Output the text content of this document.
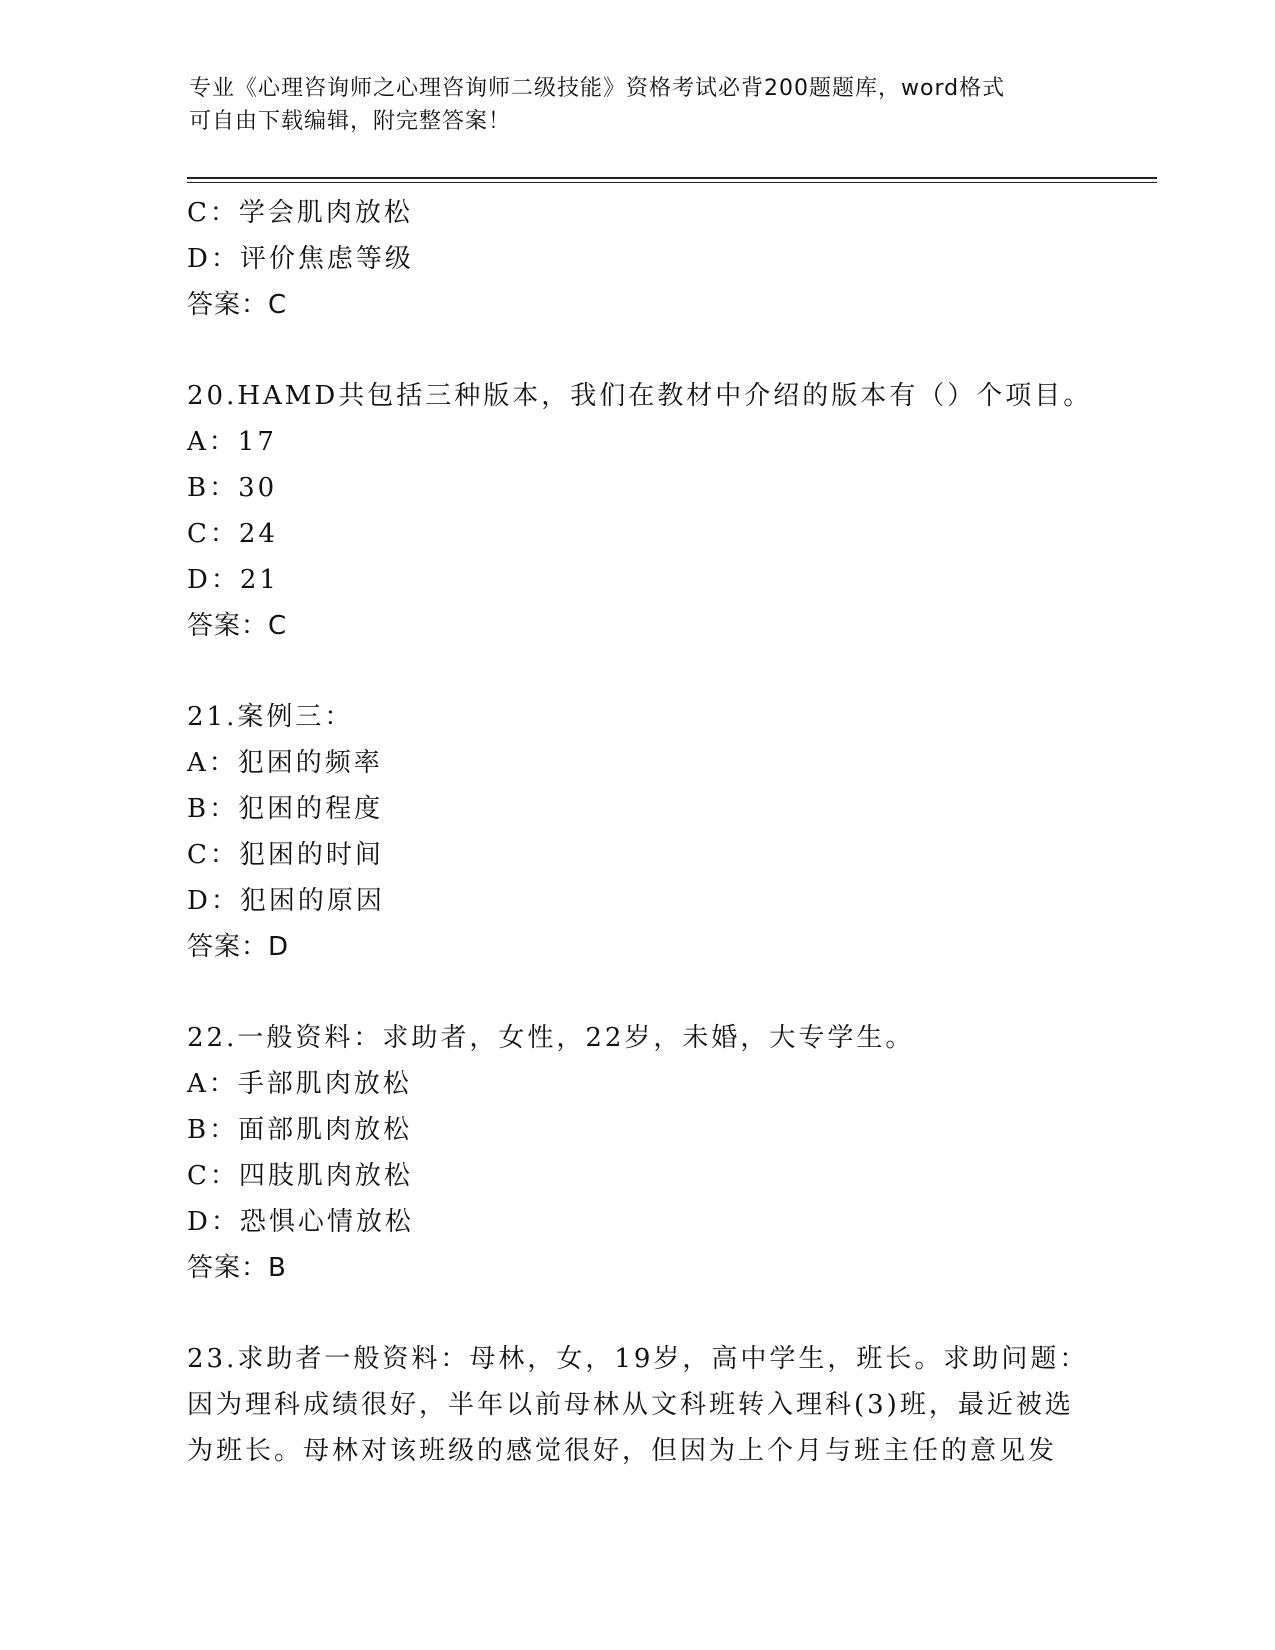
专业《心理咨询师之心理咨询师二级技能》资格考试必背200题题库，word格式
可自由下载编辑，附完整答案！
C：学会肌肉放松
D：评价焦虑等级
答案：C
20.HAMD共包括三种版本，我们在教材中介绍的版本有（）个项目。
A：17
B：30
C：24
D：21
答案：C
21.案例三：
A：犯困的频率
B：犯困的程度
C：犯困的时间
D：犯困的原因
答案：D
22.一般资料：求助者，女性，22岁，未婚，大专学生。
A：手部肌肉放松
B：面部肌肉放松
C：四肢肌肉放松
D：恐惧心情放松
答案：B
23.求助者一般资料：母林，女，19岁，高中学生，班长。求助问题：
因为理科成绩很好，半年以前母林从文科班转入理科(3)班，最近被选
为班长。母林对该班级的感觉很好，但因为上个月与班主任的意见发
